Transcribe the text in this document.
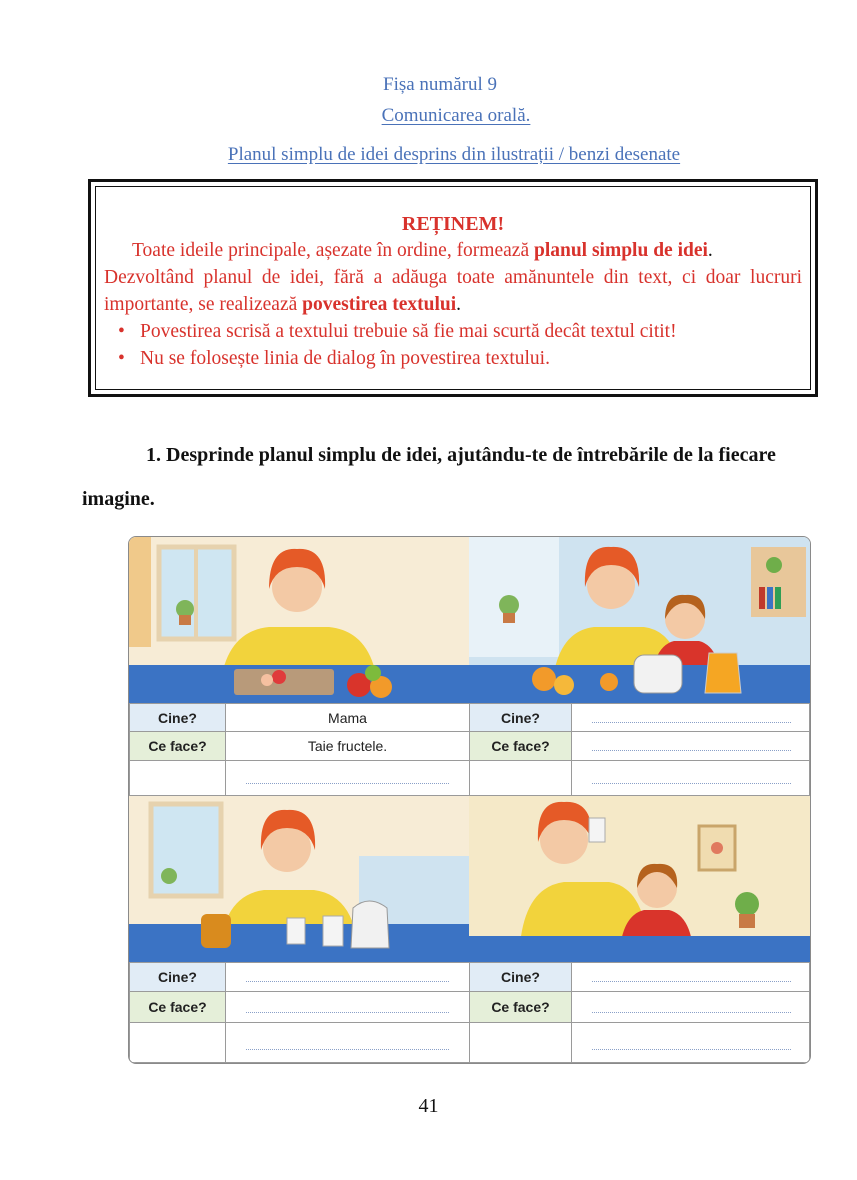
Fișa numărul 9
Comunicarea orală.
Planul simplu de idei desprins din ilustrații / benzi desenate
REȚINEM!
Toate ideile principale, așezate în ordine, formează planul simplu de idei.
Dezvoltând planul de idei, fără a adăuga toate amănuntele din text, ci doar lucruri importante, se realizează povestirea textului.
• Povestirea scrisă a textului trebuie să fie mai scurtă decât textul citit!
• Nu se folosește linia de dialog în povestirea textului.
1. Desprinde planul simplu de idei, ajutându-te de întrebările de la fiecare
imagine.
Cine?	Mama
Ce face?	Taie fructele.
Cine?
Ce face?
Cine?
Ce face?
Cine?
Ce face?
41
